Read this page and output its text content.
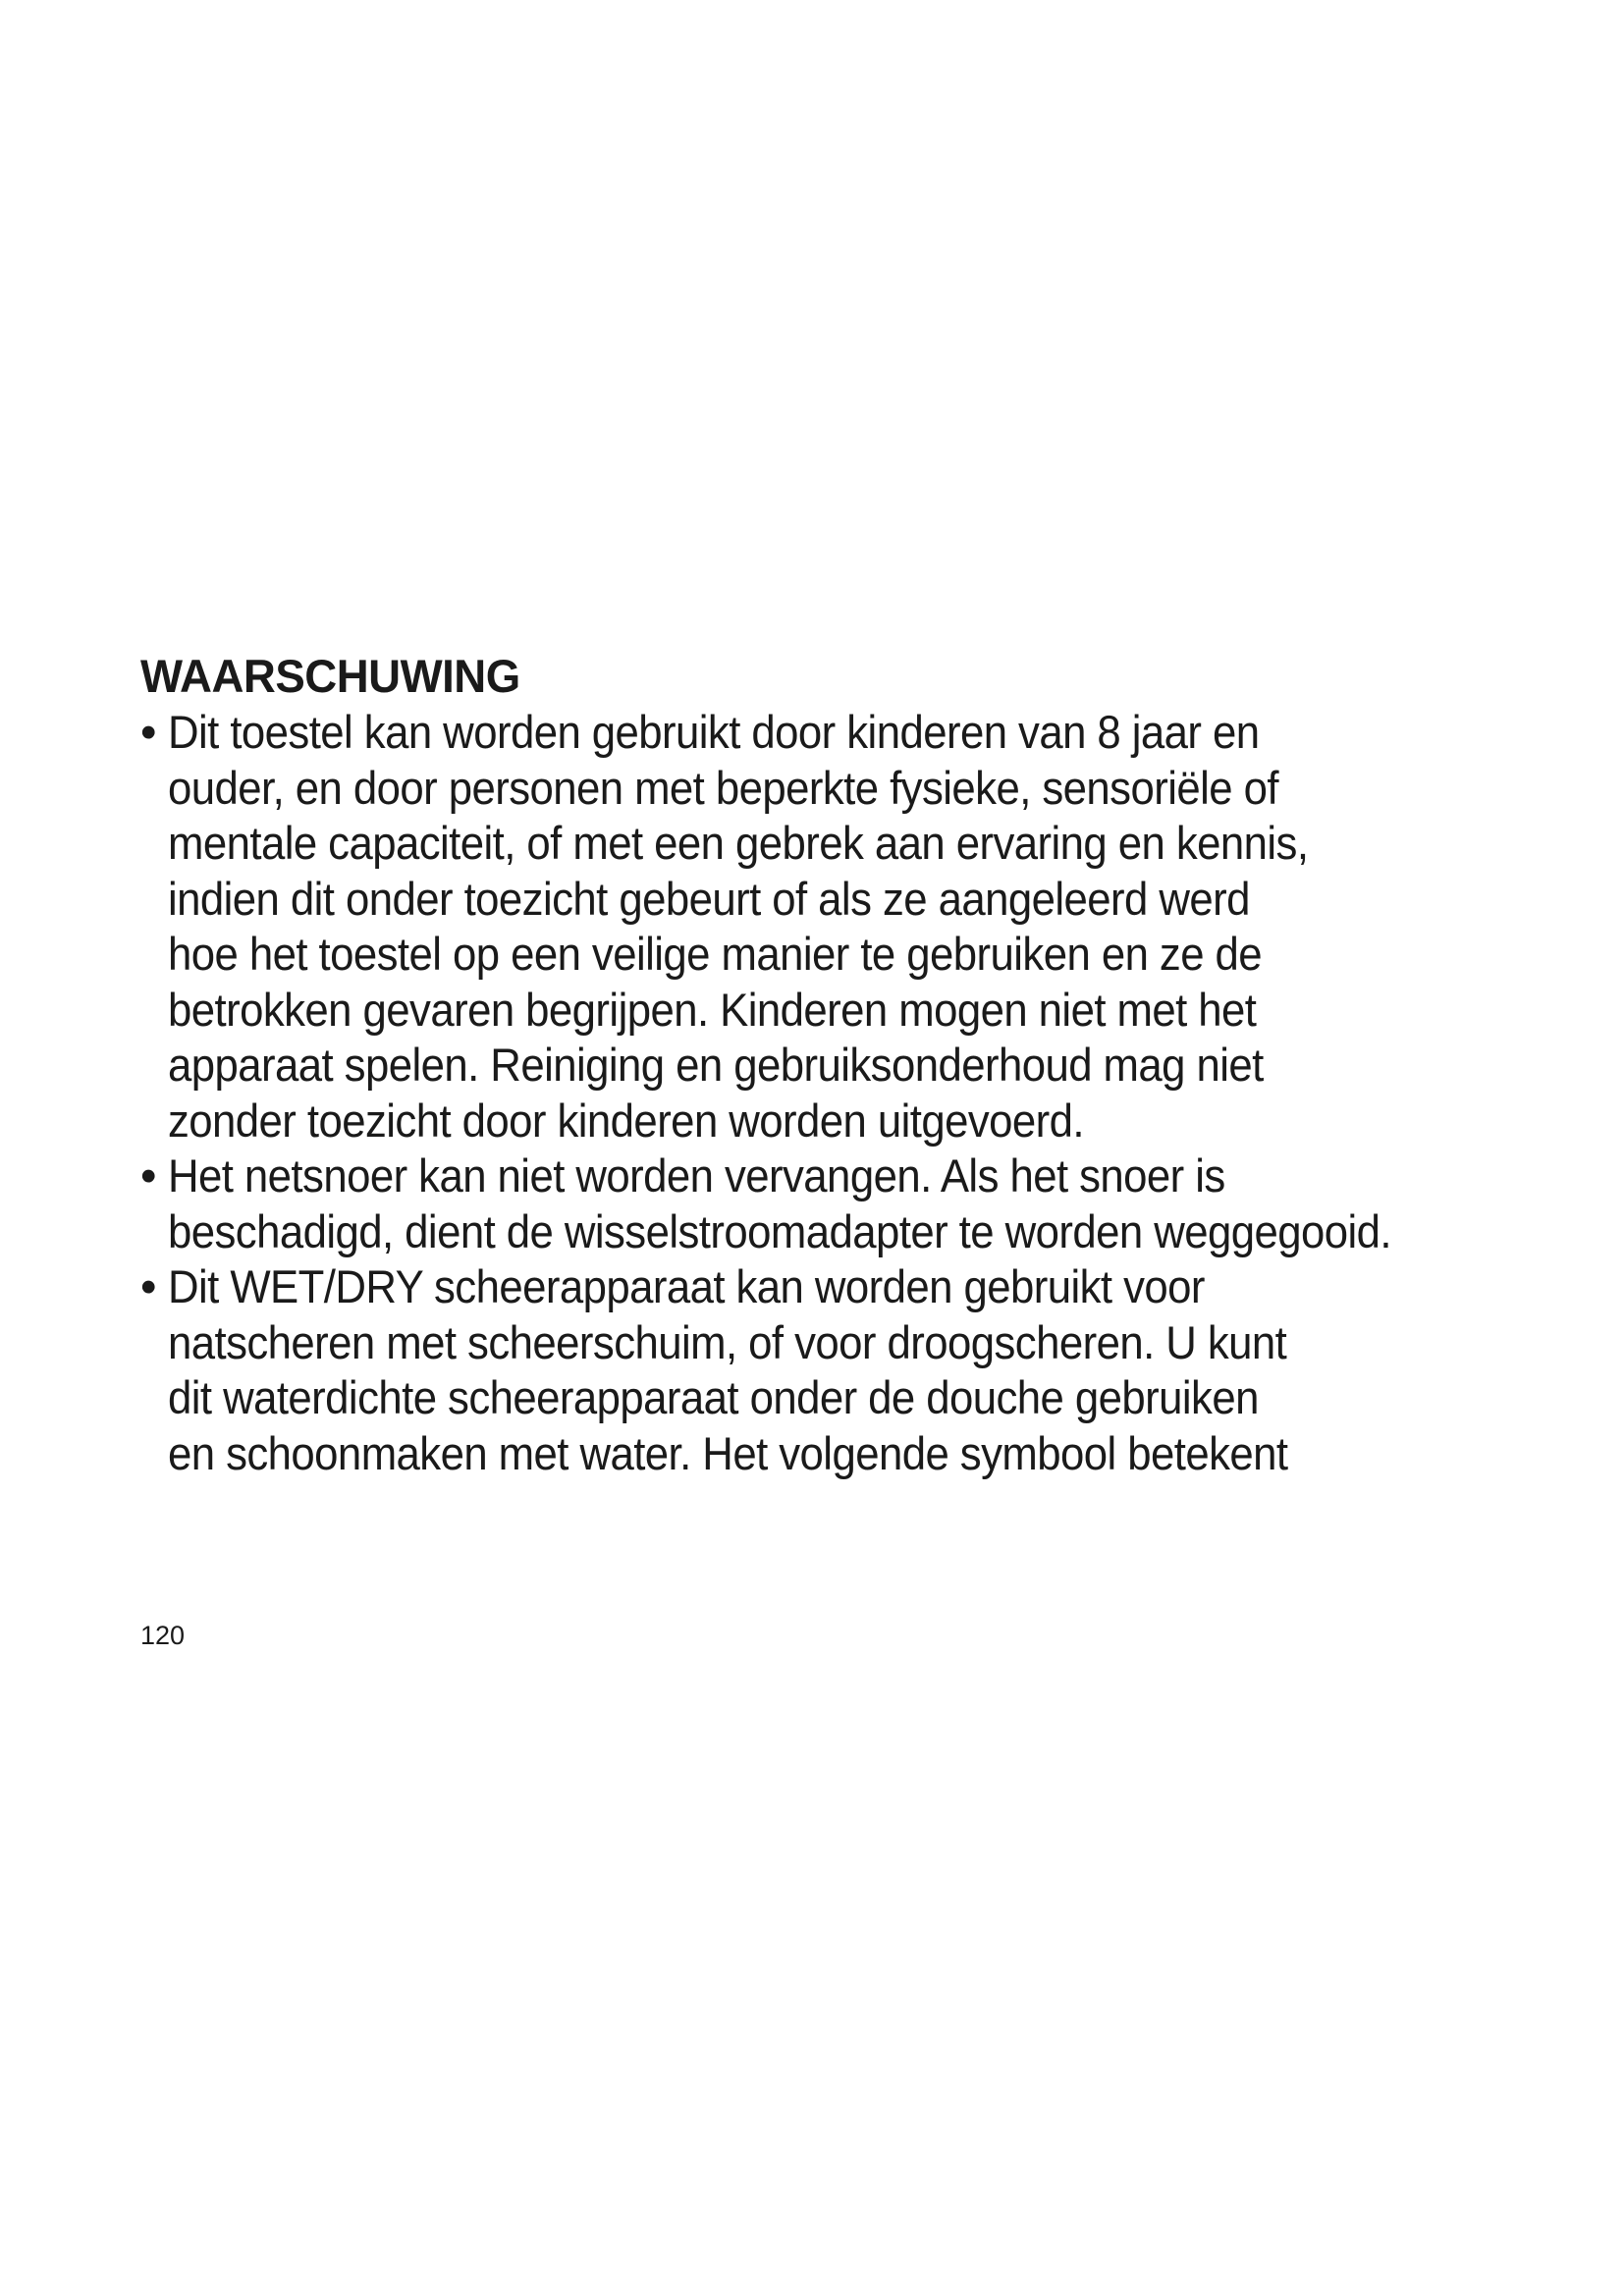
WAARSCHUWING
• Dit toestel kan worden gebruikt door kinderen van 8 jaar en
ouder, en door personen met beperkte fysieke, sensoriële of
mentale capaciteit, of met een gebrek aan ervaring en kennis,
indien dit onder toezicht gebeurt of als ze aangeleerd werd
hoe het toestel op een veilige manier te gebruiken en ze de
betrokken gevaren begrijpen. Kinderen mogen niet met het
apparaat spelen. Reiniging en gebruiksonderhoud mag niet
zonder toezicht door kinderen worden uitgevoerd.
• Het netsnoer kan niet worden vervangen. Als het snoer is
beschadigd, dient de wisselstroomadapter te worden weggegooid.
• Dit WET/DRY scheerapparaat kan worden gebruikt voor
natscheren met scheerschuim, of voor droogscheren. U kunt
dit waterdichte scheerapparaat onder de douche gebruiken
en schoonmaken met water. Het volgende symbool betekent

120
